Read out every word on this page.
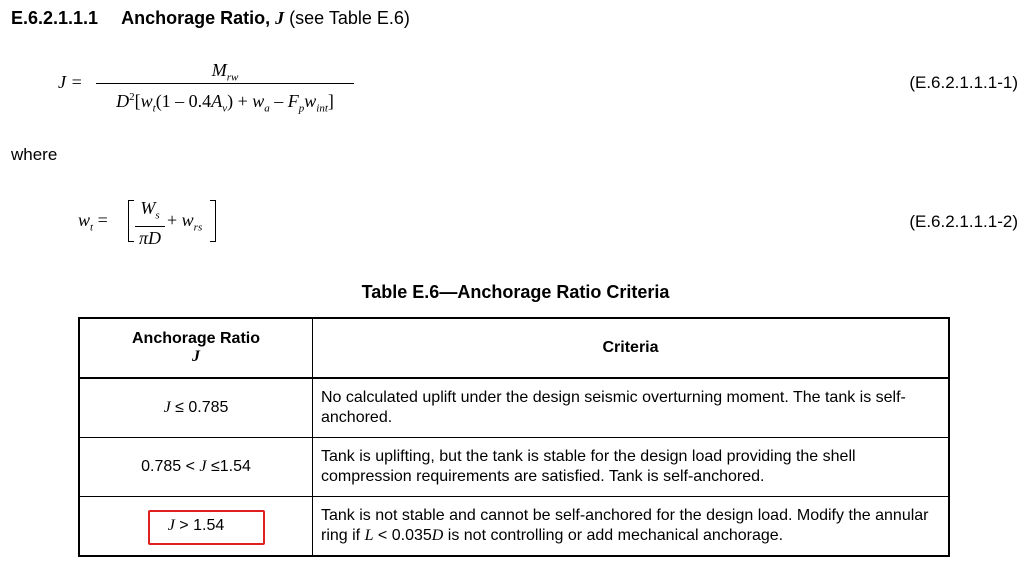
E.6.2.1.1.1 Anchorage Ratio, J (see Table E.6)
J =
$M_{rw}$
$D^2[w_t(1 - 0.4A_v) + w_a - F_pw_{int}]$
(E.6.2.1.1.1-1)
where
$w_t = \frac{W_s}{\pi D} + w_{rs}$	(E.6.2.1.1.1-2)
Table E.6—Anchorage Ratio Criteria
Anchorage Ratio
J	Criteria
J ≤ 0.785	No calculated uplift under the design seismic overturning moment. The tank is self-anchored.
0.785 < J ≤1.54	Tank is uplifting, but the tank is stable for the design load providing the shell compression requirements are satisfied. Tank is self-anchored.
J > 1.54	Tank is not stable and cannot be self-anchored for the design load. Modify the annular ring if L < 0.035D is not controlling or add mechanical anchorage.
